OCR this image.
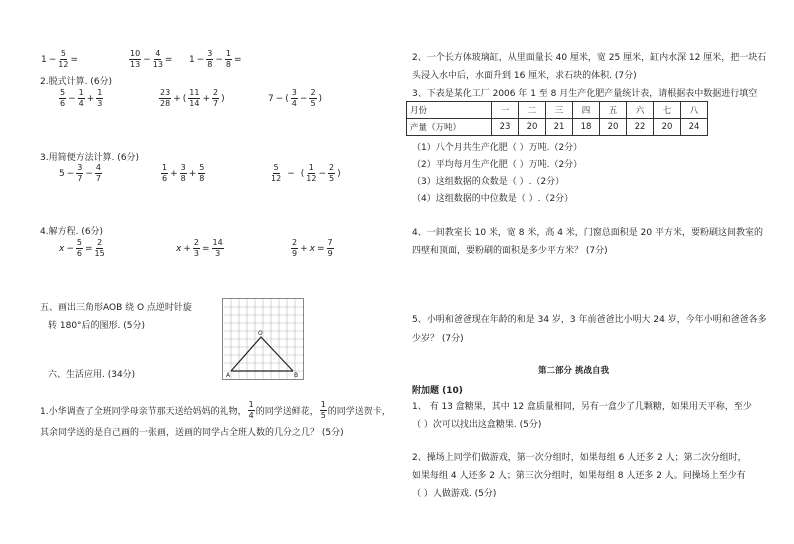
$1 - \frac{5}{12}$ =	$\frac{10}{13} - \frac{4}{13} = 1 - \frac{3}{8} - \frac{1}{8}$ =
2.脱式计算. (6分)
$\frac{5}{6} - \frac{1}{4} + \frac{1}{3}$	$\frac{23}{28}$ + ( $\frac{11}{14} + \frac{2}{7}$ )	7 − ( $\frac{3}{4} - \frac{2}{5}$ )
3.用简便方法计算. (6分)
$5 - \frac{3}{7} - \frac{4}{7}$	$\frac{1}{6} + \frac{3}{8} + \frac{5}{8}$	$\frac{5}{12}$ − ( $\frac{1}{12} - \frac{2}{5}$ )
4.解方程. (6分)
$x - \frac{5}{6} = \frac{2}{15}$	$x + \frac{2}{3} = \frac{14}{3}$	$\frac{2}{9} + x = \frac{7}{9}$
五、画出三角形AOB 绕 O 点逆时针旋
转 180°后的图形. (5分)
O
A	B
六、生活应用. (34分)
1.小华调查了全班同学母亲节那天送给妈妈的礼物， $\frac{1}{4}$ 的同学送鲜花， $\frac{1}{5}$ 的同学送贺卡，
其余同学送的是自己画的一张画，送画的同学占全班人数的几分之几？ (5分)
2、一个长方体玻璃缸，从里面量长 40 厘米，宽 25 厘米，缸内水深 12 厘米，把一块石
头浸入水中后，水面升到 16 厘米，求石块的体积. (7分)
3、下表是某化工厂 2006 年 1 至 8 月生产化肥产量统计表，请根据表中数据进行填空
月份	一	二	三	四	五	六	七	八
产量（万吨）	23	20	21	18	20	22	20	24
（1）八个月共生产化肥（ ）万吨.（2分）
（2）平均每月生产化肥（ ）万吨.（2分）
（3）这组数据的众数是（ ）.（2分）
（4）这组数据的中位数是（ ）.（2分）
4、一间教室长 10 米，宽 8 米，高 4 米，门窗总面积是 20 平方米，要粉刷这间教室的
四壁和顶面，要粉刷的面积是多少平方米？ (7分)
5、小明和爸爸现在年龄的和是 34 岁，3 年前爸爸比小明大 24 岁，今年小明和爸爸各多
少岁？ (7分)
第二部分 挑战自我
附加题 (10)
1、 有 13 盒糖果，其中 12 盒质量相同，另有一盒少了几颗糖，如果用天平称，至少
（ ）次可以找出这盒糖果. (5分)
2、操场上同学们做游戏，第一次分组时，如果每组 6 人还多 2 人；第二次分组时，
如果每组 4 人还多 2 人；第三次分组时，如果每组 8 人还多 2 人。问操场上至少有
（ ）人做游戏. (5分)
